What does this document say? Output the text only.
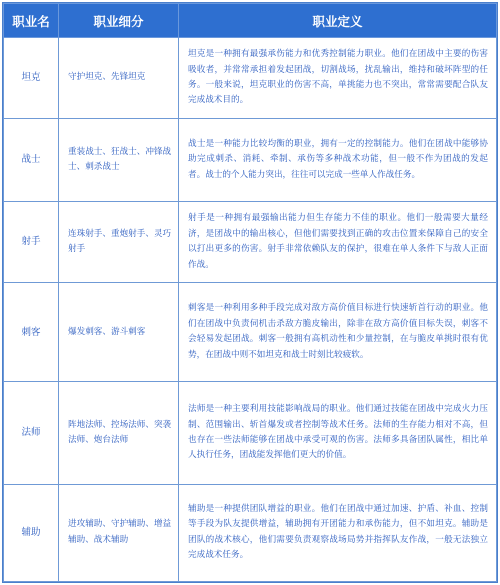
职业名	职业细分	职业定义
坦克	守护坦克、先锋坦克	坦克是一种拥有最强承伤能力和优秀控制能力职业。他们在团战中主要的伤害吸收者，并常常承担着发起团战，切割战场，扰乱输出，维持和破坏阵型的任务。一般来说，坦克职业的伤害不高，单挑能力也不突出，常常需要配合队友完成战术目的。
战士	重装战士、狂战士、冲锋战士、刺杀战士	战士是一种能力比较均衡的职业，拥有一定的控制能力。他们在团战中能够协助完成刺杀、消耗、牵制、承伤等多种战术功能，但一般不作为团战的发起者。战士的个人能力突出，往往可以完成一些单人作战任务。
射手	连珠射手、重炮射手、灵巧射手	射手是一种拥有最强输出能力但生存能力不佳的职业。他们一般需要大量经济，是团战中的输出核心，但他们需要找到正确的攻击位置来保障自己的安全以打出更多的伤害。射手非常依赖队友的保护，很难在单人条件下与敌人正面作战。
刺客	爆发刺客、游斗刺客	刺客是一种利用多种手段完成对敌方高价值目标进行快速斩首行动的职业。他们在团战中负责伺机击杀敌方脆皮输出，除非在敌方高价值目标失误，刺客不会轻易发起团战。刺客一般拥有高机动性和少量控制，在与脆皮单挑时很有优势，在团战中则不如坦克和战士时刻比较疲软。
法师	阵地法师、控场法师、突袭法师、炮台法师	法师是一种主要利用技能影响战局的职业。他们通过技能在团战中完成火力压制、范围输出、斩首爆发或者控制等战术任务。法师的生存能力相对不高，但也存在一些法师能够在团战中承受可观的伤害。法师多具备团队属性，相比单人执行任务，团战能发挥他们更大的价值。
辅助	进攻辅助、守护辅助、增益辅助、战术辅助	辅助是一种提供团队增益的职业。他们在团战中通过加速、护盾、补血、控制等手段为队友提供增益，辅助拥有开团能力和承伤能力，但不如坦克。辅助是团队的战术核心，他们需要负责观察战场局势并指挥队友作战，一般无法独立完成战术任务。
